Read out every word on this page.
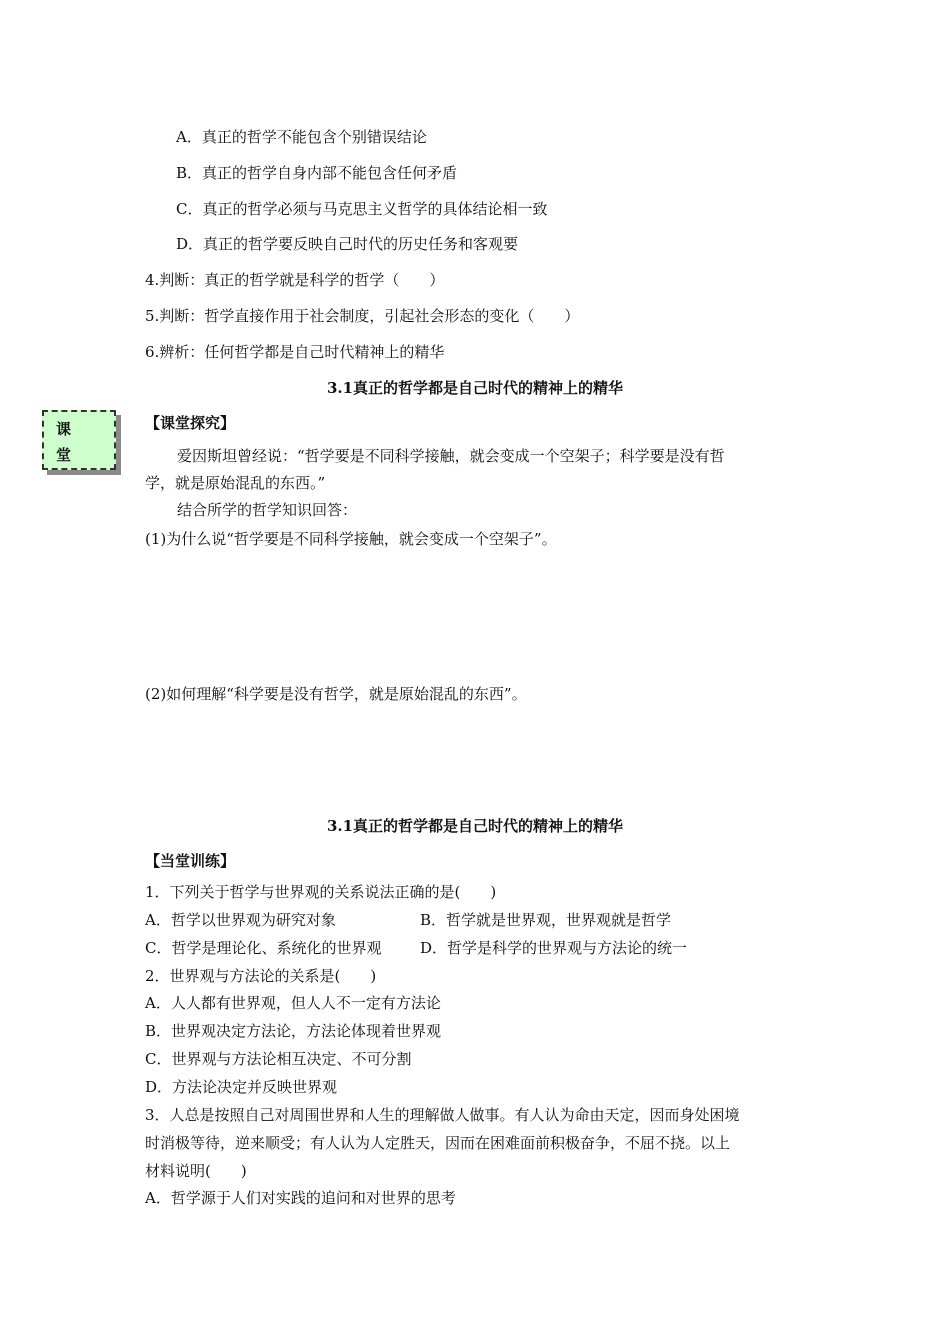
A．真正的哲学不能包含个别错误结论
B．真正的哲学自身内部不能包含任何矛盾
C．真正的哲学必须与马克思主义哲学的具体结论相一致
D．真正的哲学要反映自己时代的历史任务和客观要
4.判断：真正的哲学就是科学的哲学（　　）
5.判断：哲学直接作用于社会制度，引起社会形态的变化（　　）
6.辨析：任何哲学都是自己时代精神上的精华
3.1真正的哲学都是自己时代的精神上的精华
课
堂
【课堂探究】
爱因斯坦曾经说：“哲学要是不同科学接触，就会变成一个空架子；科学要是没有哲
学，就是原始混乱的东西。”
结合所学的哲学知识回答：
(1)为什么说“哲学要是不同科学接触，就会变成一个空架子”。
(2)如何理解“科学要是没有哲学，就是原始混乱的东西”。
3.1真正的哲学都是自己时代的精神上的精华
【当堂训练】
1．下列关于哲学与世界观的关系说法正确的是(　　)
A．哲学以世界观为研究对象	B．哲学就是世界观，世界观就是哲学
C．哲学是理论化、系统化的世界观	D．哲学是科学的世界观与方法论的统一
2．世界观与方法论的关系是(　　)
A．人人都有世界观，但人人不一定有方法论
B．世界观决定方法论，方法论体现着世界观
C．世界观与方法论相互决定、不可分割
D．方法论决定并反映世界观
3．人总是按照自己对周围世界和人生的理解做人做事。有人认为命由天定，因而身处困境
时消极等待，逆来顺受；有人认为人定胜天，因而在困难面前积极奋争，不屈不挠。以上
材料说明(　　)
A．哲学源于人们对实践的追问和对世界的思考
